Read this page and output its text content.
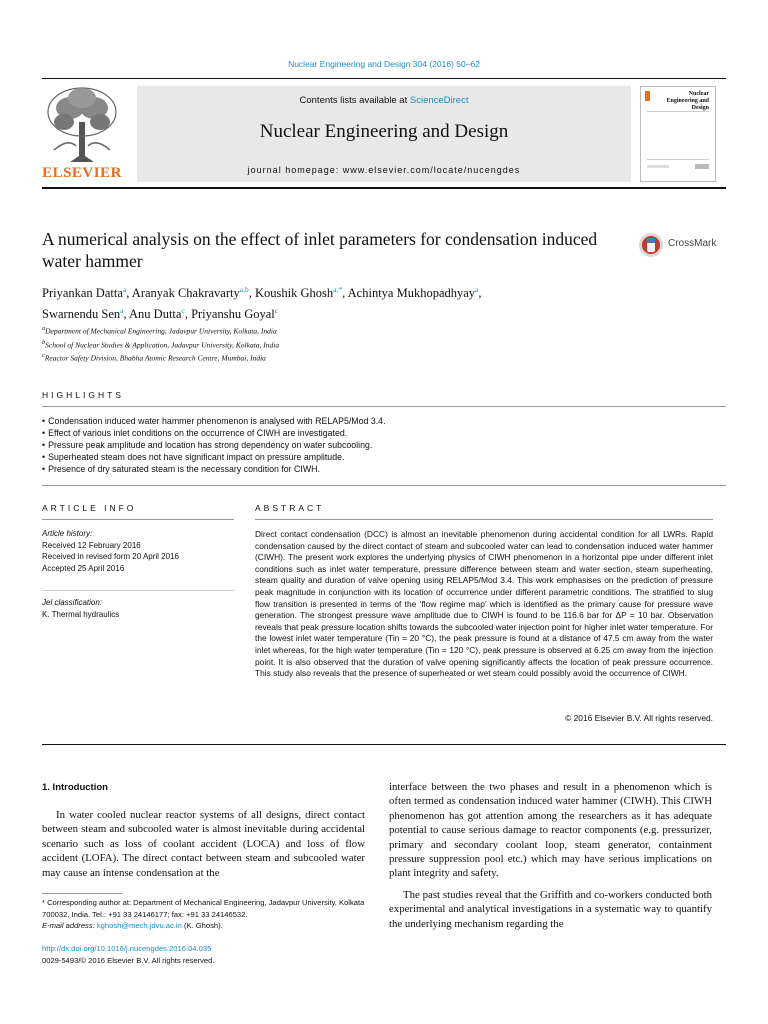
Nuclear Engineering and Design 304 (2016) 50–62
ELSEVIER
Contents lists available at ScienceDirect
Nuclear Engineering and Design
journal homepage: www.elsevier.com/locate/nucengdes
Nuclear Engineering and Design
A numerical analysis on the effect of inlet parameters for condensation induced water hammer
CrossMark
Priyankan Datta$^a$, Aranyak Chakravarty$^{a,b}$, Koushik Ghosh$^{a,*}$, Achintya Mukhopadhyay$^a$,
Swarnendu Sen$^a$, Anu Dutta$^c$, Priyanshu Goyal$^c$
$^a$Department of Mechanical Engineering, Jadavpur University, Kolkata, India
$^b$School of Nuclear Studies & Application, Jadavpur University, Kolkata, India
$^c$Reactor Safety Division, Bhabha Atomic Research Centre, Mumbai, India
HIGHLIGHTS
• Condensation induced water hammer phenomenon is analysed with RELAP5/Mod 3.4.
• Effect of various inlet conditions on the occurrence of CIWH are investigated.
• Pressure peak amplitude and location has strong dependency on water subcooling.
• Superheated steam does not have significant impact on pressure amplitude.
• Presence of dry saturated steam is the necessary condition for CIWH.
ARTICLE INFO	ABSTRACT
Article history:
Received 12 February 2016
Received in revised form 20 April 2016
Accepted 25 April 2016
Jel classification:
K. Thermal hydraulics
Direct contact condensation (DCC) is almost an inevitable phenomenon during accidental condition for all LWRs. Rapid condensation caused by the direct contact of steam and subcooled water can lead to condensation induced water hammer (CIWH). The present work explores the underlying physics of CIWH phenomenon in a horizontal pipe under different inlet conditions such as inlet water temperature, pressure difference between steam and water section, steam superheating, steam quality and duration of valve opening using RELAP5/Mod 3.4. This work emphasises on the prediction of pressure peak magnitude in conjunction with its location of occurrence under different parametric conditions. The stratified to slug flow transition is presented in terms of the ‘flow regime map’ which is identified as the primary cause for pressure wave generation. The strongest pressure wave amplitude due to CIWH is found to be 116.6 bar for ΔP = 10 bar. Observation reveals that peak pressure location shifts towards the subcooled water injection point for higher inlet water temperature. For the lowest inlet water temperature (Tin = 20 °C), the peak pressure is found at a distance of 47.5 cm away from the water inlet whereas, for the high water temperature (Tin = 120 °C), peak pressure is observed at 6.25 cm away from the injection point. It is also observed that the duration of valve opening significantly affects the location of peak pressure occurrence. This study also reveals that the presence of superheated or wet steam could possibly avoid the occurrence of CIWH.
© 2016 Elsevier B.V. All rights reserved.
1. Introduction
In water cooled nuclear reactor systems of all designs, direct contact between steam and subcooled water is almost inevitable during accidental scenario such as loss of coolant accident (LOCA) and loss of flow accident (LOFA). The direct contact between steam and subcooled water may cause an intense condensation at the
interface between the two phases and result in a phenomenon which is often termed as condensation induced water hammer (CIWH). This CIWH phenomenon has got attention among the researchers as it has adequate potential to cause serious damage to reactor components (e.g. pressurizer, primary and secondary coolant loop, steam generator, containment pressure suppression pool etc.) which may have serious implications on plant integrity and safety.
The past studies reveal that the Griffith and co-workers conducted both experimental and analytical investigations in a systematic way to quantify the underlying mechanism regarding the
* Corresponding author at: Department of Mechanical Engineering, Jadavpur University, Kolkata 700032, India. Tel.: +91 33 24146177; fax: +91 33 24146532.
E-mail address: kghosh@mech.jdvu.ac.in (K. Ghosh).
http://dx.doi.org/10.1016/j.nucengdes.2016.04.035
0029-5493/© 2016 Elsevier B.V. All rights reserved.
